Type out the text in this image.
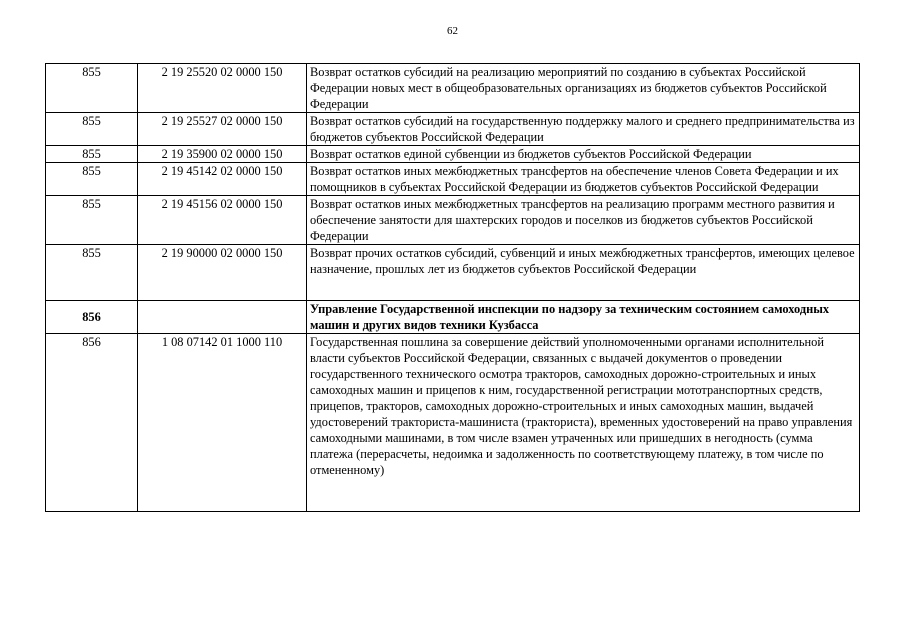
62
855	2 19 25520 02 0000 150	Возврат остатков субсидий на реализацию мероприятий по созданию в субъектах Российской Федерации новых мест в общеобразовательных организациях из бюджетов субъектов Российской Федерации
855	2 19 25527 02 0000 150	Возврат остатков субсидий на государственную поддержку малого и среднего предпринимательства из бюджетов субъектов Российской Федерации
855	2 19 35900 02 0000 150	Возврат остатков единой субвенции из бюджетов субъектов Российской Федерации
855	2 19 45142 02 0000 150	Возврат остатков иных межбюджетных трансфертов на обеспечение членов Совета Федерации и их помощников в субъектах Российской Федерации из бюджетов субъектов Российской Федерации
855	2 19 45156 02 0000 150	Возврат остатков иных межбюджетных трансфертов на реализацию программ местного развития и обеспечение занятости для шахтерских городов и поселков из бюджетов субъектов Российской Федерации
855	2 19 90000 02 0000 150	Возврат прочих остатков субсидий, субвенций и иных межбюджетных трансфертов, имеющих целевое назначение, прошлых лет из бюджетов субъектов Российской Федерации
856		Управление Государственной инспекции по надзору за техническим состоянием самоходных машин и других видов техники Кузбасса
856	1 08 07142 01 1000 110	Государственная пошлина за совершение действий уполномоченными органами исполнительной власти субъектов Российской Федерации, связанных с выдачей документов о проведении государственного технического осмотра тракторов, самоходных дорожно-строительных и иных самоходных машин и прицепов к ним, государственной регистрации мототранспортных средств, прицепов, тракторов, самоходных дорожно-строительных и иных самоходных машин, выдачей удостоверений тракториста-машиниста (тракториста), временных удостоверений на право управления самоходными машинами, в том числе взамен утраченных или пришедших в негодность (сумма платежа (перерасчеты, недоимка и задолженность по соответствующему платежу, в том числе по отмененному)
